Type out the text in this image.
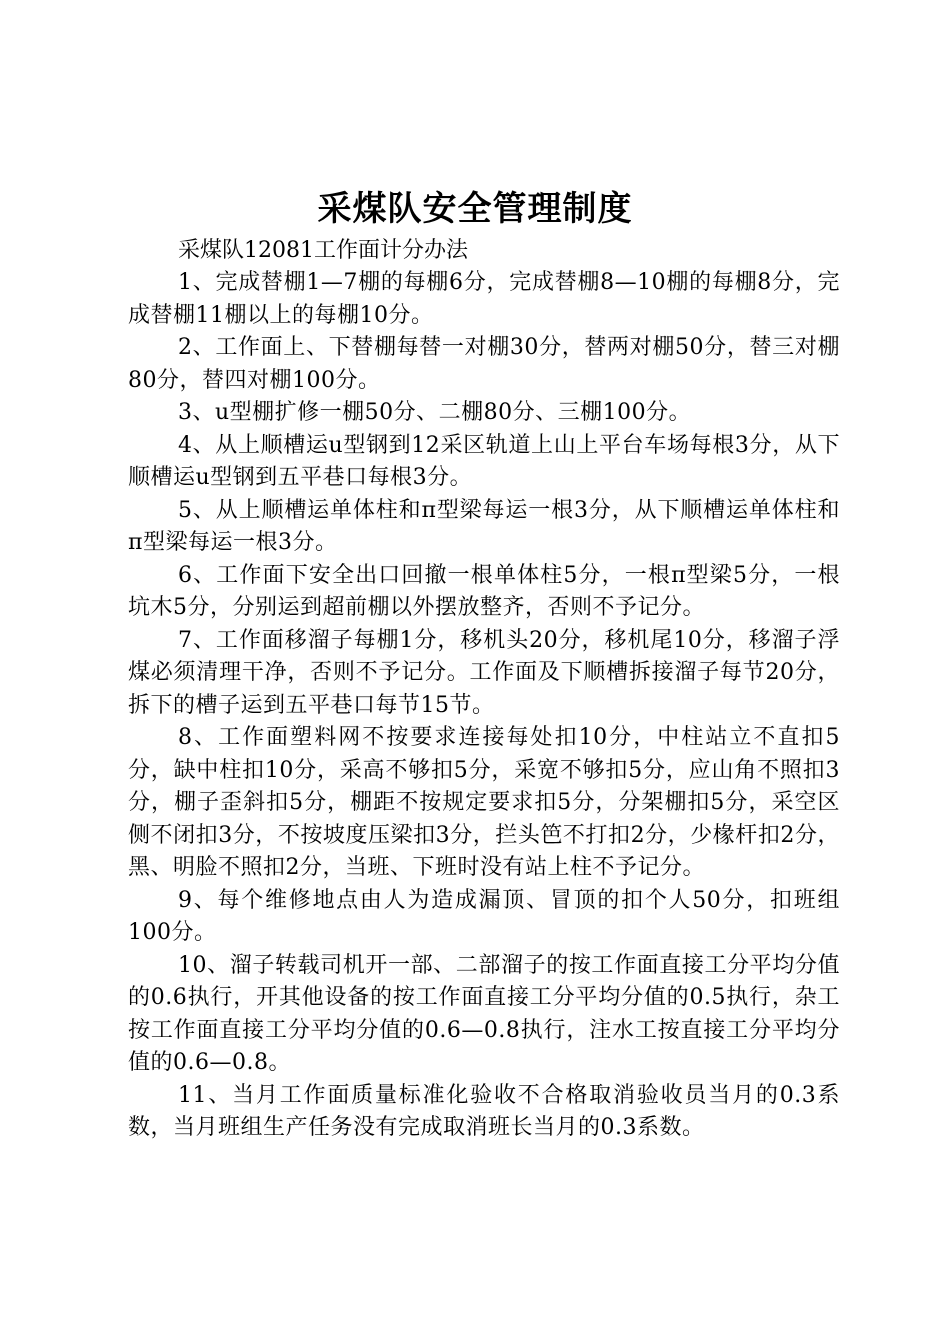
采煤队安全管理制度

采煤队12081工作面计分办法

1、完成替棚1—7棚的每棚6分，完成替棚8—10棚的每棚8分，完成替棚11棚以上的每棚10分。

2、工作面上、下替棚每替一对棚30分，替两对棚50分，替三对棚80分，替四对棚100分。

3、u型棚扩修一棚50分、二棚80分、三棚100分。

4、从上顺槽运u型钢到12采区轨道上山上平台车场每根3分，从下顺槽运u型钢到五平巷口每根3分。

5、从上顺槽运单体柱和π型梁每运一根3分，从下顺槽运单体柱和π型梁每运一根3分。

6、工作面下安全出口回撤一根单体柱5分，一根π型梁5分，一根坑木5分，分别运到超前棚以外摆放整齐，否则不予记分。

7、工作面移溜子每棚1分，移机头20分，移机尾10分，移溜子浮煤必须清理干净，否则不予记分。工作面及下顺槽拆接溜子每节20分，拆下的槽子运到五平巷口每节15节。

8、工作面塑料网不按要求连接每处扣10分，中柱站立不直扣5分，缺中柱扣10分，采高不够扣5分，采宽不够扣5分，应山角不照扣3分，棚子歪斜扣5分，棚距不按规定要求扣5分，分架棚扣5分，采空区侧不闭扣3分，不按坡度压梁扣3分，拦头笆不打扣2分，少椽杆扣2分，黑、明脸不照扣2分，当班、下班时没有站上柱不予记分。

9、每个维修地点由人为造成漏顶、冒顶的扣个人50分，扣班组100分。

10、溜子转载司机开一部、二部溜子的按工作面直接工分平均分值的0.6执行，开其他设备的按工作面直接工分平均分值的0.5执行，杂工按工作面直接工分平均分值的0.6—0.8执行，注水工按直接工分平均分值的0.6—0.8。

11、当月工作面质量标准化验收不合格取消验收员当月的0.3系数，当月班组生产任务没有完成取消班长当月的0.3系数。
